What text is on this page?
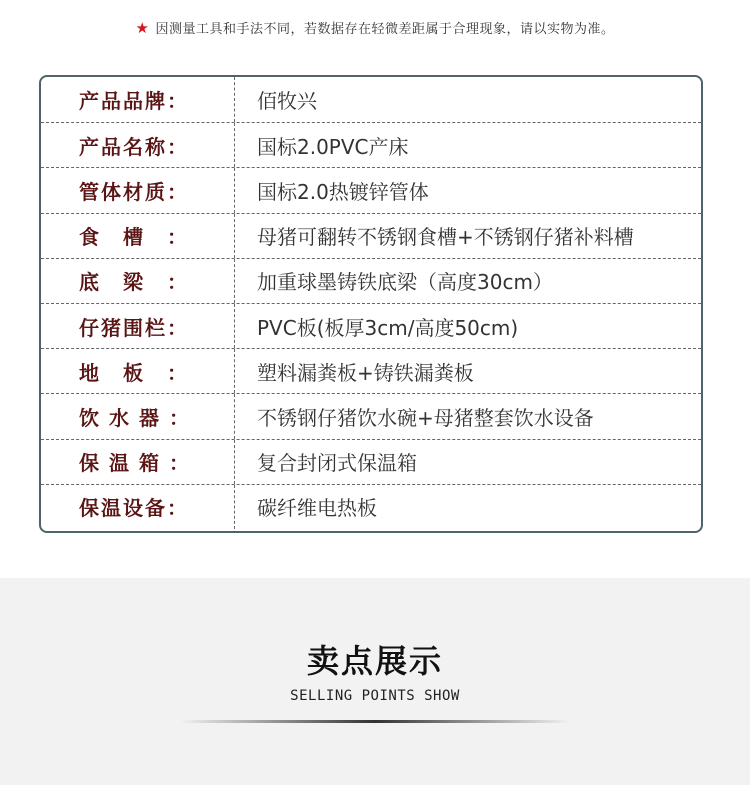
★ 因测量工具和手法不同，若数据存在轻微差距属于合理现象，请以实物为准。
产品品牌：	佰牧兴
产品名称：	国标2.0PVC产床
管体材质：	国标2.0热镀锌管体
食　槽　：	母猪可翻转不锈钢食槽+不锈钢仔猪补料槽
底　梁　：	加重球墨铸铁底梁（高度30cm）
仔猪围栏：	PVC板(板厚3cm/高度50cm)
地　板　：	塑料漏粪板+铸铁漏粪板
饮水器：	不锈钢仔猪饮水碗+母猪整套饮水设备
保温箱：	复合封闭式保温箱
保温设备：	碳纤维电热板
卖点展示
SELLING POINTS SHOW
